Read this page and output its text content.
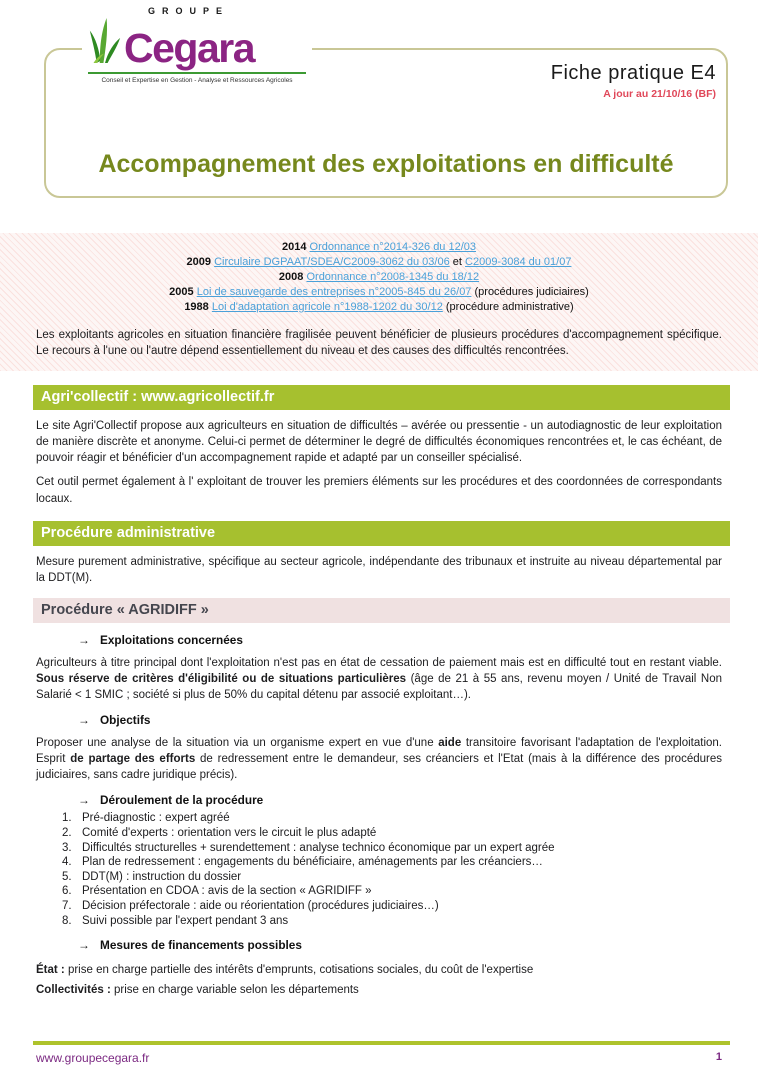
GROUPE
Cegara
Conseil et Expertise en Gestion - Analyse et Ressources Agricoles	Fiche pratique E4
A jour au 21/10/16 (BF)
Accompagnement des exploitations en difficulté
2014 Ordonnance n°2014-326 du 12/03
2009 Circulaire DGPAAT/SDEA/C2009-3062 du 03/06 et C2009-3084 du 01/07
2008 Ordonnance n°2008-1345 du 18/12
2005 Loi de sauvegarde des entreprises n°2005-845 du 26/07 (procédures judiciaires)
1988 Loi d'adaptation agricole n°1988-1202 du 30/12 (procédure administrative)

Les exploitants agricoles en situation financière fragilisée peuvent bénéficier de plusieurs procédures d'accompagnement spécifique. Le recours à l'une ou l'autre dépend essentiellement du niveau et des causes des difficultés rencontrées.

Agri'collectif : www.agricollectif.fr

Le site Agri'Collectif propose aux agriculteurs en situation de difficultés – avérée ou pressentie - un autodiagnostic de leur exploitation de manière discrète et anonyme. Celui-ci permet de déterminer le degré de difficultés économiques rencontrées et, le cas échéant, de pouvoir réagir et bénéficier d'un accompagnement rapide et adapté par un conseiller spécialisé.

Cet outil permet également à l' exploitant de trouver les premiers éléments sur les procédures et des coordonnées de correspondants locaux.

Procédure administrative

Mesure purement administrative, spécifique au secteur agricole, indépendante des tribunaux et instruite au niveau départemental par la DDT(M).

Procédure « AGRIDIFF »
→ Exploitations concernées

Agriculteurs à titre principal dont l'exploitation n'est pas en état de cessation de paiement mais est en difficulté tout en restant viable. Sous réserve de critères d'éligibilité ou de situations particulières (âge de 21 à 55 ans, revenu moyen / Unité de Travail Non Salarié < 1 SMIC ; société si plus de 50% du capital détenu par associé exploitant…).

→ Objectifs

Proposer une analyse de la situation via un organisme expert en vue d'une aide transitoire favorisant l'adaptation de l'exploitation. Esprit de partage des efforts de redressement entre le demandeur, ses créanciers et l'Etat (mais à la différence des procédures judiciaires, sans cadre juridique précis).

→ Déroulement de la procédure
1. Pré-diagnostic : expert agréé
2. Comité d'experts : orientation vers le circuit le plus adapté
3. Difficultés structurelles + surendettement : analyse technico économique par un expert agrée
4. Plan de redressement : engagements du bénéficiaire, aménagements par les créanciers…
5. DDT(M) : instruction du dossier
6. Présentation en CDOA : avis de la section « AGRIDIFF »
7. Décision préfectorale : aide ou réorientation (procédures judiciaires…)
8. Suivi possible par l'expert pendant 3 ans
→ Mesures de financements possibles
État : prise en charge partielle des intérêts d'emprunts, cotisations sociales, du coût de l'expertise
Collectivités : prise en charge variable selon les départements
www.groupecegara.fr	1
